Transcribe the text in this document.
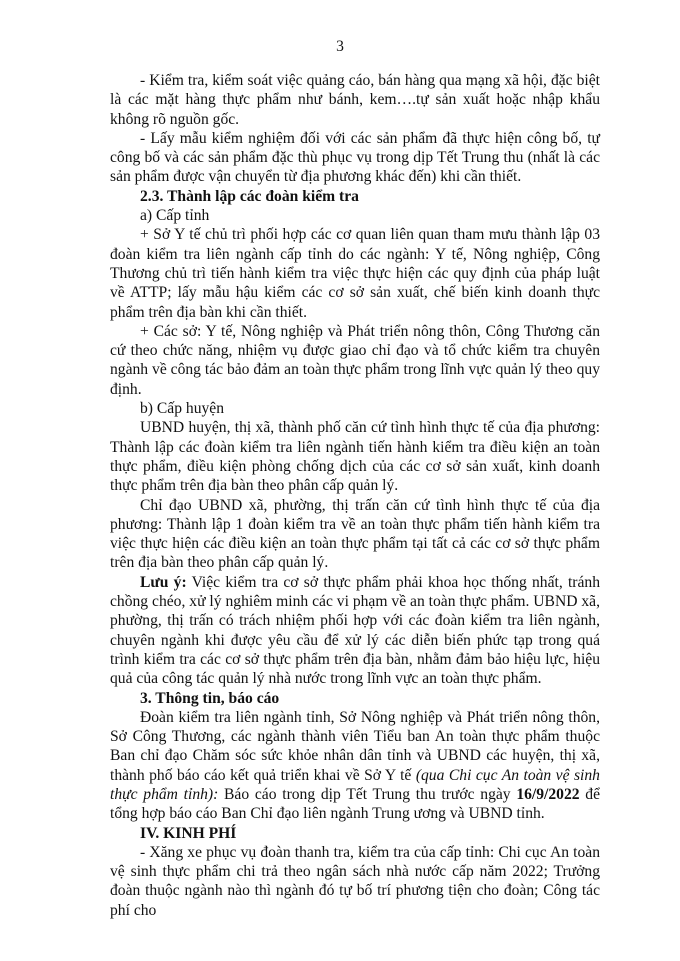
3

- Kiểm tra, kiểm soát việc quảng cáo, bán hàng qua mạng xã hội, đặc biệt là các mặt hàng thực phẩm như bánh, kem….tự sản xuất hoặc nhập khẩu không rõ nguồn gốc.

- Lấy mẫu kiểm nghiệm đối với các sản phẩm đã thực hiện công bố, tự công bố và các sản phẩm đặc thù phục vụ trong dịp Tết Trung thu (nhất là các sản phẩm được vận chuyển từ địa phương khác đến) khi cần thiết.

2.3. Thành lập các đoàn kiểm tra

a) Cấp tỉnh

+ Sở Y tế chủ trì phối hợp các cơ quan liên quan tham mưu thành lập 03 đoàn kiểm tra liên ngành cấp tỉnh do các ngành: Y tế, Nông nghiệp, Công Thương chủ trì tiến hành kiểm tra việc thực hiện các quy định của pháp luật về ATTP; lấy mẫu hậu kiểm các cơ sở sản xuất, chế biến kinh doanh thực phẩm trên địa bàn khi cần thiết.

+ Các sở: Y tế, Nông nghiệp và Phát triển nông thôn, Công Thương căn cứ theo chức năng, nhiệm vụ được giao chỉ đạo và tổ chức kiểm tra chuyên ngành về công tác bảo đảm an toàn thực phẩm trong lĩnh vực quản lý theo quy định.

b) Cấp huyện

UBND huyện, thị xã, thành phố căn cứ tình hình thực tế của địa phương: Thành lập các đoàn kiểm tra liên ngành tiến hành kiểm tra điều kiện an toàn thực phẩm, điều kiện phòng chống dịch của các cơ sở sản xuất, kinh doanh thực phẩm trên địa bàn theo phân cấp quản lý.

Chỉ đạo UBND xã, phường, thị trấn căn cứ tình hình thực tế của địa phương: Thành lập 1 đoàn kiểm tra về an toàn thực phẩm tiến hành kiểm tra việc thực hiện các điều kiện an toàn thực phẩm tại tất cả các cơ sở thực phẩm trên địa bàn theo phân cấp quản lý.

Lưu ý: Việc kiểm tra cơ sở thực phẩm phải khoa học thống nhất, tránh chồng chéo, xử lý nghiêm minh các vi phạm về an toàn thực phẩm. UBND xã, phường, thị trấn có trách nhiệm phối hợp với các đoàn kiểm tra liên ngành, chuyên ngành khi được yêu cầu để xử lý các diễn biến phức tạp trong quá trình kiểm tra các cơ sở thực phẩm trên địa bàn, nhằm đảm bảo hiệu lực, hiệu quả của công tác quản lý nhà nước trong lĩnh vực an toàn thực phẩm.

3. Thông tin, báo cáo

Đoàn kiểm tra liên ngành tỉnh, Sở Nông nghiệp và Phát triển nông thôn, Sở Công Thương, các ngành thành viên Tiểu ban An toàn thực phẩm thuộc Ban chỉ đạo Chăm sóc sức khỏe nhân dân tỉnh và UBND các huyện, thị xã, thành phố báo cáo kết quả triển khai về Sở Y tế (qua Chi cục An toàn vệ sinh thực phẩm tỉnh): Báo cáo trong dịp Tết Trung thu trước ngày 16/9/2022 để tổng hợp báo cáo Ban Chỉ đạo liên ngành Trung ương và UBND tỉnh.

IV. KINH PHÍ

- Xăng xe phục vụ đoàn thanh tra, kiểm tra của cấp tỉnh: Chi cục An toàn vệ sinh thực phẩm chi trả theo ngân sách nhà nước cấp năm 2022; Trưởng đoàn thuộc ngành nào thì ngành đó tự bố trí phương tiện cho đoàn; Công tác phí cho
